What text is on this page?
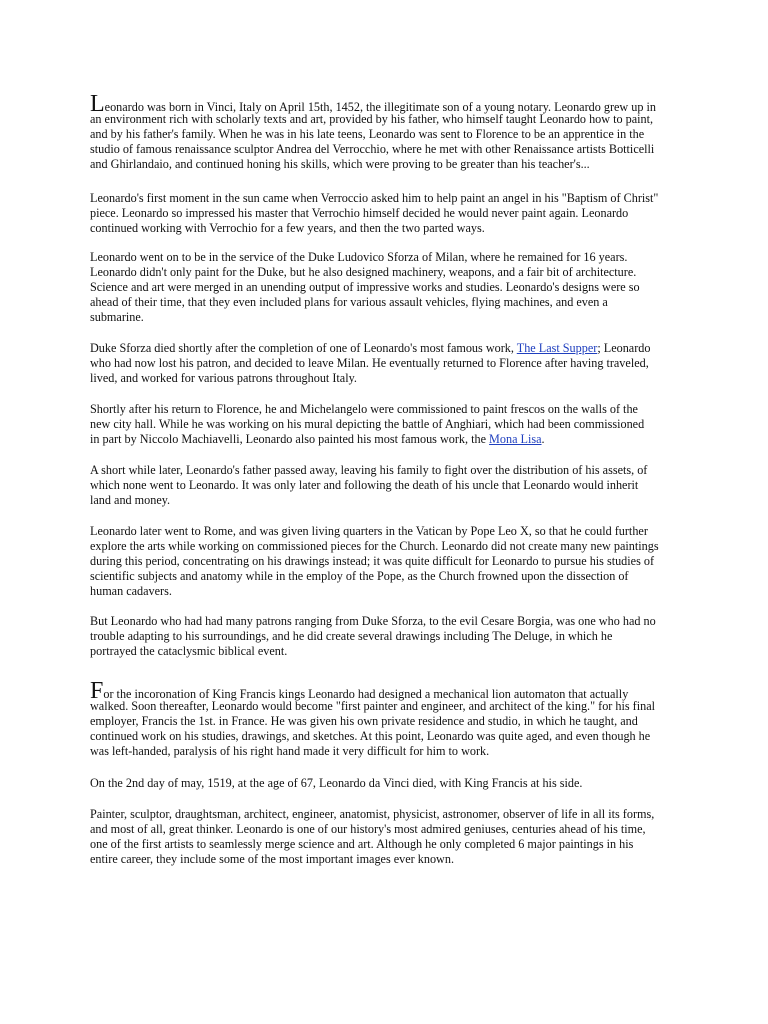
Leonardo was born in Vinci, Italy on April 15th, 1452, the illegitimate son of a young notary. Leonardo grew up in
an environment rich with scholarly texts and art, provided by his father, who himself taught Leonardo how to paint,
and by his father's family. When he was in his late teens, Leonardo was sent to Florence to be an apprentice in the
studio of famous renaissance sculptor Andrea del Verrocchio, where he met with other Renaissance artists Botticelli
and Ghirlandaio, and continued honing his skills, which were proving to be greater than his teacher's...

Leonardo's first moment in the sun came when Verroccio asked him to help paint an angel in his "Baptism of Christ"
piece. Leonardo so impressed his master that Verrochio himself decided he would never paint again. Leonardo
continued working with Verrochio for a few years, and then the two parted ways.

Leonardo went on to be in the service of the Duke Ludovico Sforza of Milan, where he remained for 16 years.
Leonardo didn't only paint for the Duke, but he also designed machinery, weapons, and a fair bit of architecture.
Science and art were merged in an unending output of impressive works and studies. Leonardo's designs were so
ahead of their time, that they even included plans for various assault vehicles, flying machines, and even a
submarine.

Duke Sforza died shortly after the completion of one of Leonardo's most famous work, The Last Supper; Leonardo
who had now lost his patron, and decided to leave Milan. He eventually returned to Florence after having traveled,
lived, and worked for various patrons throughout Italy.

Shortly after his return to Florence, he and Michelangelo were commissioned to paint frescos on the walls of the
new city hall. While he was working on his mural depicting the battle of Anghiari, which had been commissioned
in part by Niccolo Machiavelli, Leonardo also painted his most famous work, the Mona Lisa.

A short while later, Leonardo's father passed away, leaving his family to fight over the distribution of his assets, of
which none went to Leonardo. It was only later and following the death of his uncle that Leonardo would inherit
land and money.

Leonardo later went to Rome, and was given living quarters in the Vatican by Pope Leo X, so that he could further
explore the arts while working on commissioned pieces for the Church. Leonardo did not create many new paintings
during this period, concentrating on his drawings instead; it was quite difficult for Leonardo to pursue his studies of
scientific subjects and anatomy while in the employ of the Pope, as the Church frowned upon the dissection of
human cadavers.

But Leonardo who had had many patrons ranging from Duke Sforza, to the evil Cesare Borgia, was one who had no
trouble adapting to his surroundings, and he did create several drawings including The Deluge, in which he
portrayed the cataclysmic biblical event.

For the incoronation of King Francis kings Leonardo had designed a mechanical lion automaton that actually
walked. Soon thereafter, Leonardo would become "first painter and engineer, and architect of the king." for his final
employer, Francis the 1st. in France. He was given his own private residence and studio, in which he taught, and
continued work on his studies, drawings, and sketches. At this point, Leonardo was quite aged, and even though he
was left-handed, paralysis of his right hand made it very difficult for him to work.

On the 2nd day of may, 1519, at the age of 67, Leonardo da Vinci died, with King Francis at his side.

Painter, sculptor, draughtsman, architect, engineer, anatomist, physicist, astronomer, observer of life in all its forms,
and most of all, great thinker. Leonardo is one of our history's most admired geniuses, centuries ahead of his time,
one of the first artists to seamlessly merge science and art. Although he only completed 6 major paintings in his
entire career, they include some of the most important images ever known.
